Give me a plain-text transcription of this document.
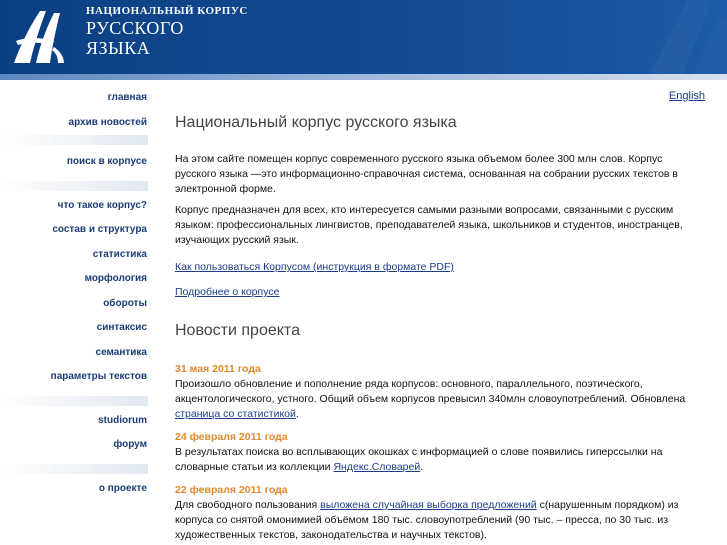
НАЦИОНАЛЬНЫЙ КОРПУС
РУССКОГО
ЯЗЫКА
главная
архив новостей
поиск в корпусе
что такое корпус?
состав и структура
статистика
морфология
обороты
синтаксис
семантика
параметры текстов
studiorum
форум
о проекте
English
Национальный корпус русского языка

На этом сайте помещен корпус современного русского языка объемом более 300 млн слов. Корпус русского языка —это информационно-справочная система, основанная на собрании русских текстов в электронной форме.

Корпус предназначен для всех, кто интересуется самыми разными вопросами, связанными с русским языком: профессиональных лингвистов, преподавателей языка, школьников и студентов, иностранцев, изучающих русский язык.

Как пользоваться Корпусом (инструкция в формате PDF)
Подробнее о корпусе
Новости проекта
31 мая 2011 года
Произошло обновление и пополнение ряда корпусов: основного, параллельного, поэтического, акцентологического, устного. Общий объем корпусов превысил 340млн словоупотреблений. Обновлена страница со статистикой.
24 февраля 2011 года
В результатах поиска во всплывающих окошках с информацией о слове появились гиперссылки на словарные статьи из коллекции Яндекс.Словарей.
22 февраля 2011 года
Для свободного пользования выложена случайная выборка предложений с(нарушенным порядком) из корпуса со снятой омонимией объёмом 180 тыс. словоупотреблений (90 тыс. – пресса, по 30 тыс. из художественных текстов, законодательства и научных текстов).
